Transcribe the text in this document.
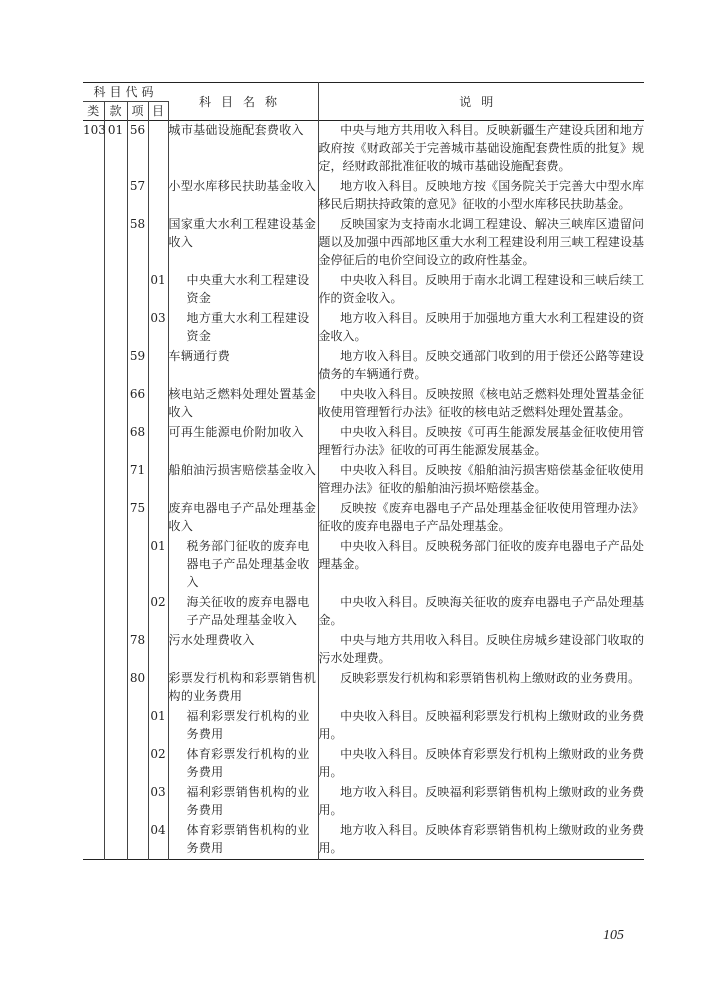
科目代码				科目名称	说明
类	款	项	目		
103	01	56		城市基础设施配套费收入	中央与地方共用收入科目。反映新疆生产建设兵团和地方政府按《财政部关于完善城市基础设施配套费性质的批复》规定，经财政部批准征收的城市基础设施配套费。
		57		小型水库移民扶助基金收入	地方收入科目。反映地方按《国务院关于完善大中型水库移民后期扶持政策的意见》征收的小型水库移民扶助基金。
		58		国家重大水利工程建设基金收入	反映国家为支持南水北调工程建设、解决三峡库区遗留问题以及加强中西部地区重大水利工程建设利用三峡工程建设基金停征后的电价空间设立的政府性基金。
			01	中央重大水利工程建设资金	中央收入科目。反映用于南水北调工程建设和三峡后续工作的资金收入。
			03	地方重大水利工程建设资金	地方收入科目。反映用于加强地方重大水利工程建设的资金收入。
		59		车辆通行费	地方收入科目。反映交通部门收到的用于偿还公路等建设债务的车辆通行费。
		66		核电站乏燃料处理处置基金收入	中央收入科目。反映按照《核电站乏燃料处理处置基金征收使用管理暂行办法》征收的核电站乏燃料处理处置基金。
		68		可再生能源电价附加收入	中央收入科目。反映按《可再生能源发展基金征收使用管理暂行办法》征收的可再生能源发展基金。
		71		船舶油污损害赔偿基金收入	中央收入科目。反映按《船舶油污损害赔偿基金征收使用管理办法》征收的船舶油污损坏赔偿基金。
		75		废弃电器电子产品处理基金收入	反映按《废弃电器电子产品处理基金征收使用管理办法》征收的废弃电器电子产品处理基金。
			01	税务部门征收的废弃电器电子产品处理基金收入	中央收入科目。反映税务部门征收的废弃电器电子产品处理基金。
			02	海关征收的废弃电器电子产品处理基金收入	中央收入科目。反映海关征收的废弃电器电子产品处理基金。
		78		污水处理费收入	中央与地方共用收入科目。反映住房城乡建设部门收取的污水处理费。
		80		彩票发行机构和彩票销售机构的业务费用	反映彩票发行机构和彩票销售机构上缴财政的业务费用。
			01	福利彩票发行机构的业务费用	中央收入科目。反映福利彩票发行机构上缴财政的业务费用。
			02	体育彩票发行机构的业务费用	中央收入科目。反映体育彩票发行机构上缴财政的业务费用。
			03	福利彩票销售机构的业务费用	地方收入科目。反映福利彩票销售机构上缴财政的业务费用。
			04	体育彩票销售机构的业务费用	地方收入科目。反映体育彩票销售机构上缴财政的业务费用。
105
